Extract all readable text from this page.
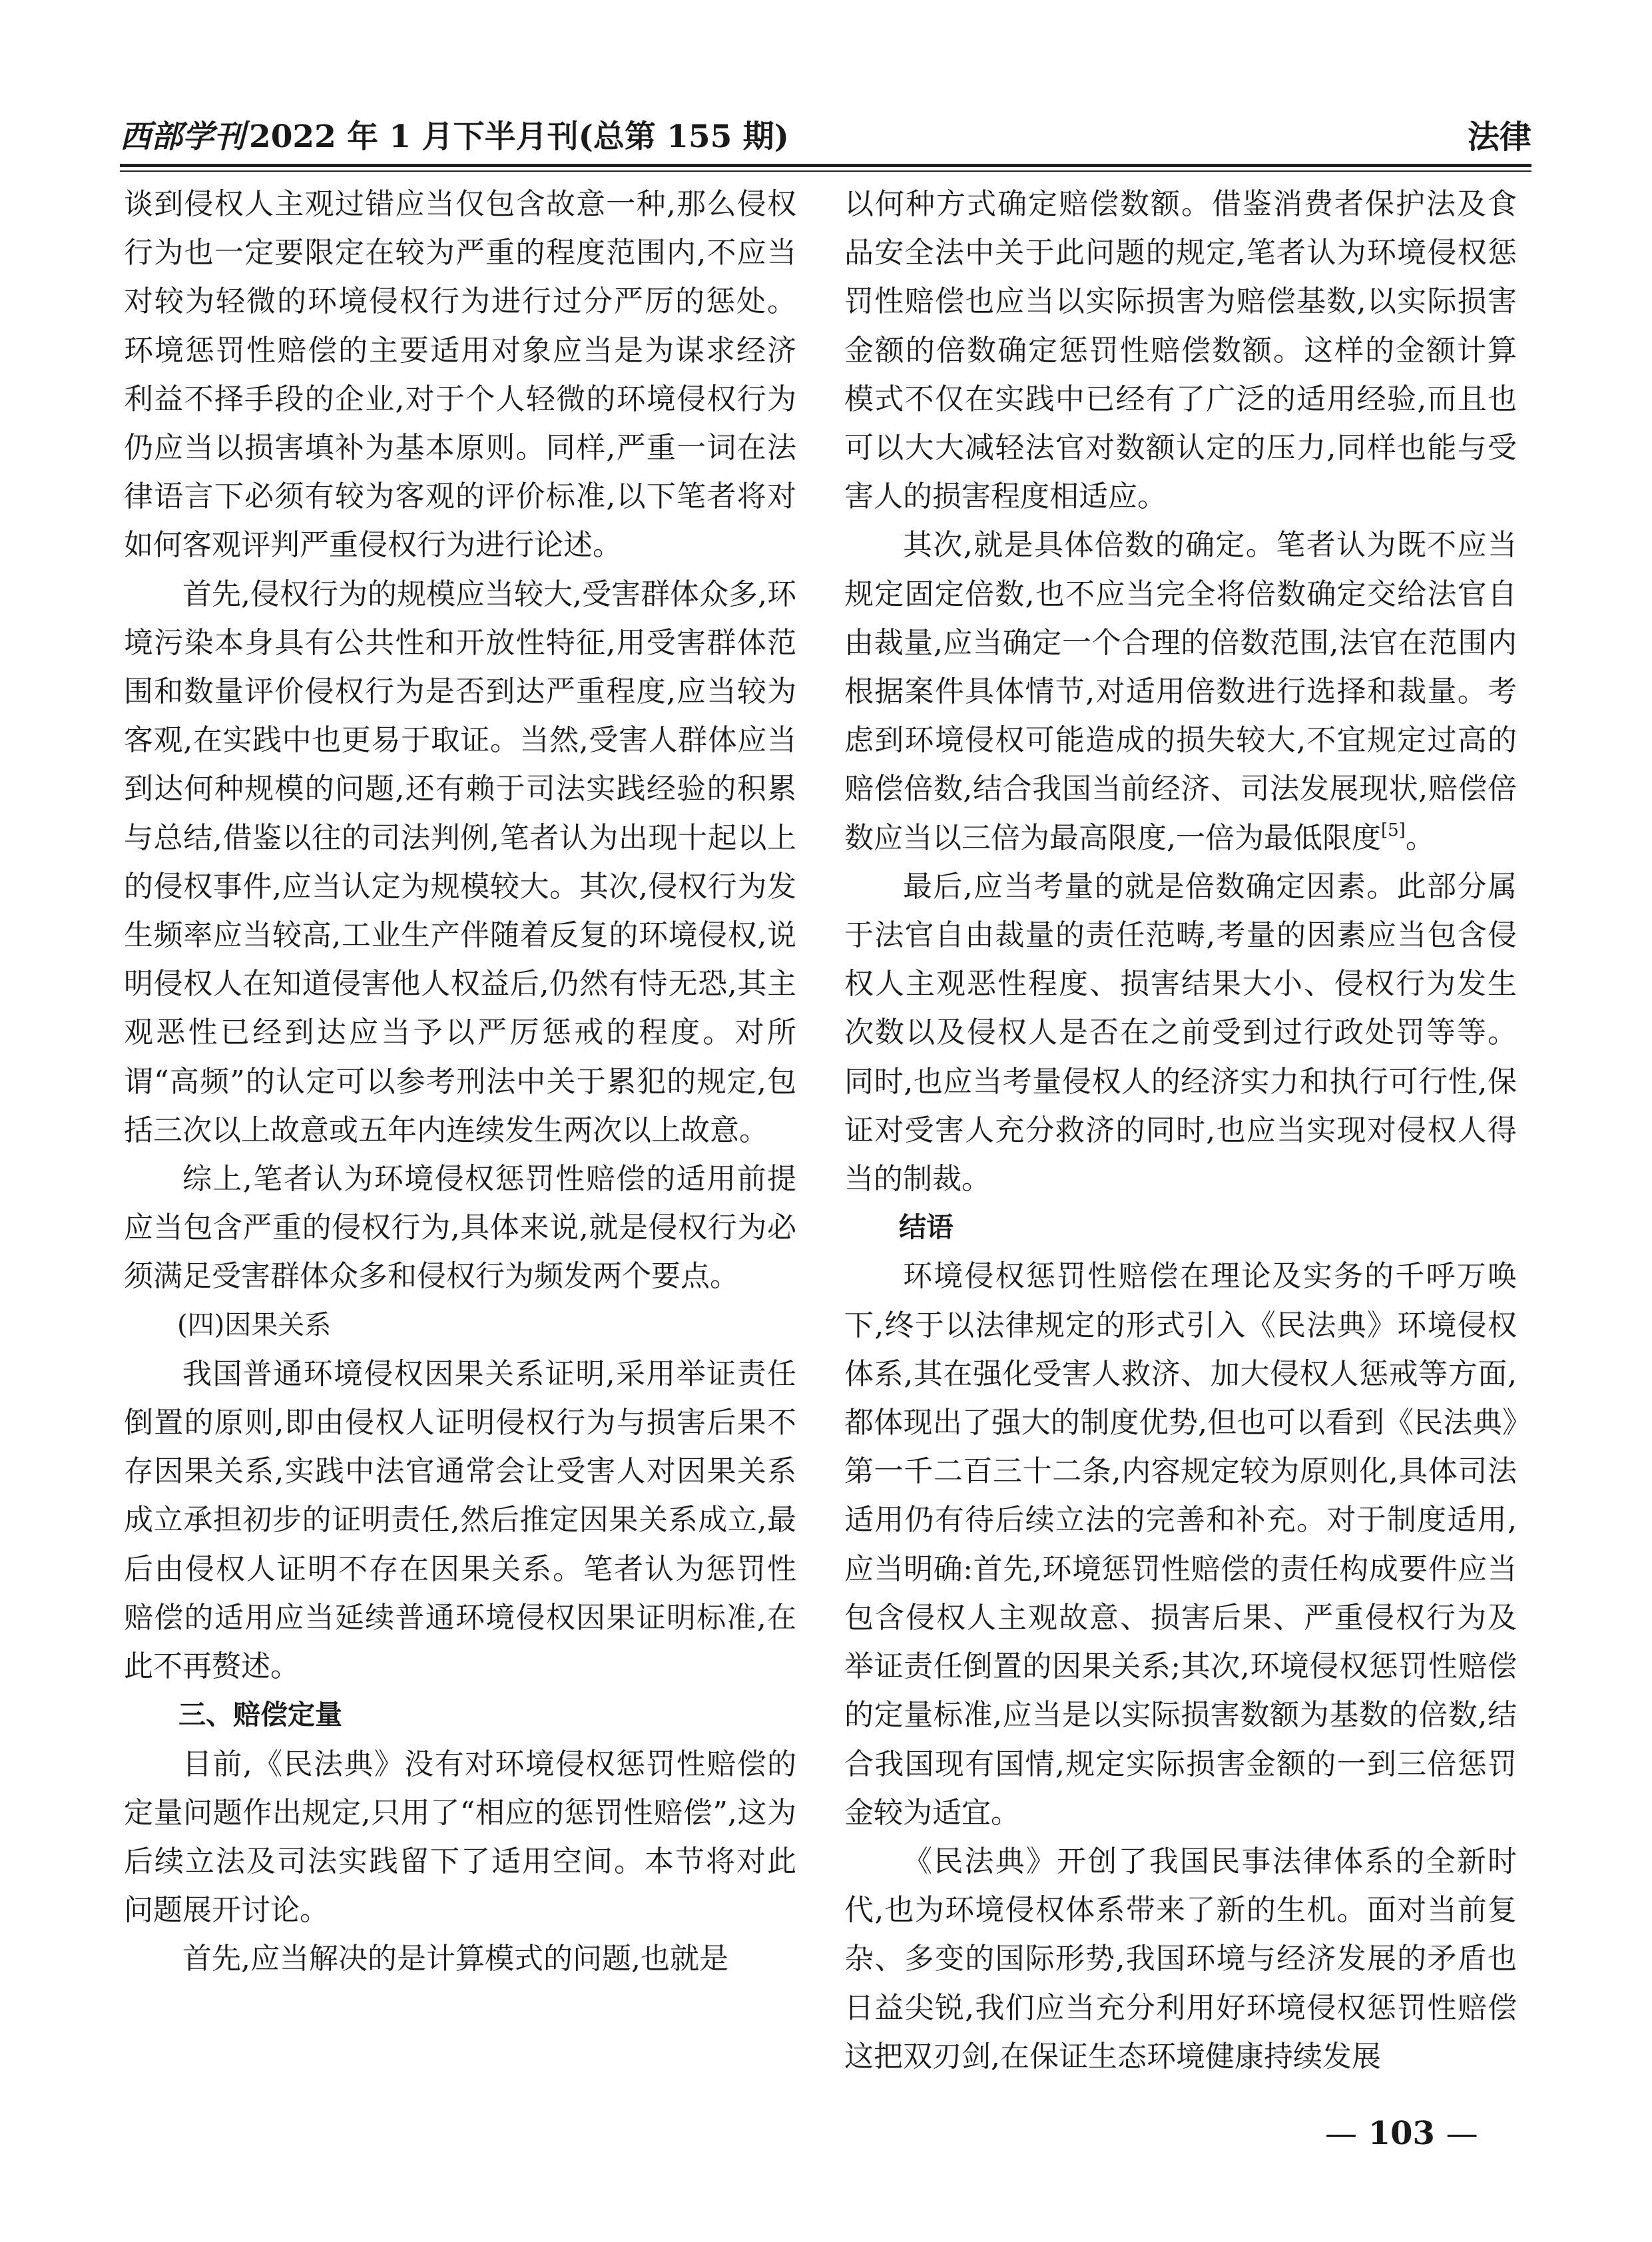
西部学刊 2022 年 1 月下半月刊(总第 155 期)	法律

谈到侵权人主观过错应当仅包含故意一种,那么侵权行为也一定要限定在较为严重的程度范围内,不应当对较为轻微的环境侵权行为进行过分严厉的惩处。环境惩罚性赔偿的主要适用对象应当是为谋求经济利益不择手段的企业,对于个人轻微的环境侵权行为仍应当以损害填补为基本原则。同样,严重一词在法律语言下必须有较为客观的评价标准,以下笔者将对如何客观评判严重侵权行为进行论述。

首先,侵权行为的规模应当较大,受害群体众多,环境污染本身具有公共性和开放性特征,用受害群体范围和数量评价侵权行为是否到达严重程度,应当较为客观,在实践中也更易于取证。当然,受害人群体应当到达何种规模的问题,还有赖于司法实践经验的积累与总结,借鉴以往的司法判例,笔者认为出现十起以上的侵权事件,应当认定为规模较大。其次,侵权行为发生频率应当较高,工业生产伴随着反复的环境侵权,说明侵权人在知道侵害他人权益后,仍然有恃无恐,其主观恶性已经到达应当予以严厉惩戒的程度。对所谓“高频”的认定可以参考刑法中关于累犯的规定,包括三次以上故意或五年内连续发生两次以上故意。

综上,笔者认为环境侵权惩罚性赔偿的适用前提应当包含严重的侵权行为,具体来说,就是侵权行为必须满足受害群体众多和侵权行为频发两个要点。

(四)因果关系

我国普通环境侵权因果关系证明,采用举证责任倒置的原则,即由侵权人证明侵权行为与损害后果不存因果关系,实践中法官通常会让受害人对因果关系成立承担初步的证明责任,然后推定因果关系成立,最后由侵权人证明不存在因果关系。笔者认为惩罚性赔偿的适用应当延续普通环境侵权因果证明标准,在此不再赘述。

三、赔偿定量

目前,《民法典》没有对环境侵权惩罚性赔偿的定量问题作出规定,只用了“相应的惩罚性赔偿”,这为后续立法及司法实践留下了适用空间。本节将对此问题展开讨论。

首先,应当解决的是计算模式的问题,也就是

以何种方式确定赔偿数额。借鉴消费者保护法及食品安全法中关于此问题的规定,笔者认为环境侵权惩罚性赔偿也应当以实际损害为赔偿基数,以实际损害金额的倍数确定惩罚性赔偿数额。这样的金额计算模式不仅在实践中已经有了广泛的适用经验,而且也可以大大减轻法官对数额认定的压力,同样也能与受害人的损害程度相适应。

其次,就是具体倍数的确定。笔者认为既不应当规定固定倍数,也不应当完全将倍数确定交给法官自由裁量,应当确定一个合理的倍数范围,法官在范围内根据案件具体情节,对适用倍数进行选择和裁量。考虑到环境侵权可能造成的损失较大,不宜规定过高的赔偿倍数,结合我国当前经济、司法发展现状,赔偿倍数应当以三倍为最高限度,一倍为最低限度[5]。

最后,应当考量的就是倍数确定因素。此部分属于法官自由裁量的责任范畴,考量的因素应当包含侵权人主观恶性程度、损害结果大小、侵权行为发生次数以及侵权人是否在之前受到过行政处罚等等。同时,也应当考量侵权人的经济实力和执行可行性,保证对受害人充分救济的同时,也应当实现对侵权人得当的制裁。

结语

环境侵权惩罚性赔偿在理论及实务的千呼万唤下,终于以法律规定的形式引入《民法典》环境侵权体系,其在强化受害人救济、加大侵权人惩戒等方面,都体现出了强大的制度优势,但也可以看到《民法典》第一千二百三十二条,内容规定较为原则化,具体司法适用仍有待后续立法的完善和补充。对于制度适用,应当明确:首先,环境惩罚性赔偿的责任构成要件应当包含侵权人主观故意、损害后果、严重侵权行为及举证责任倒置的因果关系;其次,环境侵权惩罚性赔偿的定量标准,应当是以实际损害数额为基数的倍数,结合我国现有国情,规定实际损害金额的一到三倍惩罚金较为适宜。

《民法典》开创了我国民事法律体系的全新时代,也为环境侵权体系带来了新的生机。面对当前复杂、多变的国际形势,我国环境与经济发展的矛盾也日益尖锐,我们应当充分利用好环境侵权惩罚性赔偿这把双刃剑,在保证生态环境健康持续发展

— 103 —
